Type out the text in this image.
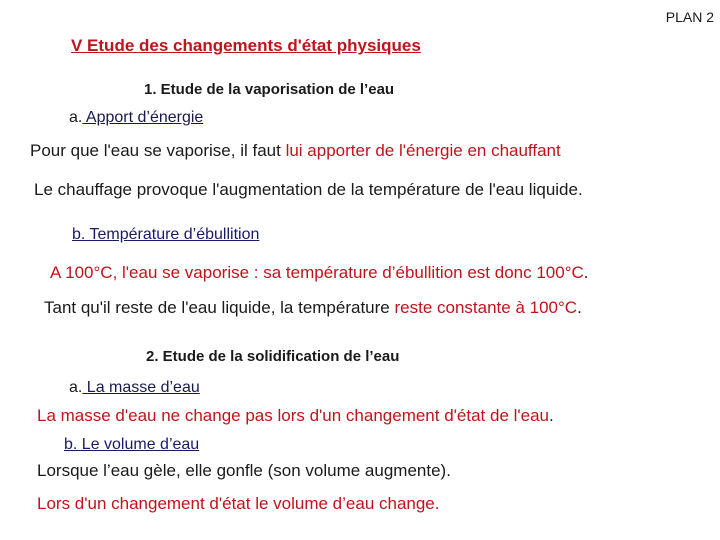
PLAN 2
V Etude des changements d'état physiques
1. Etude de la vaporisation de l’eau
a. Apport d’énergie
Pour que l'eau se vaporise, il faut lui apporter de l'énergie en chauffant
Le chauffage provoque l'augmentation de la température de l'eau liquide.
b. Température d’ébullition
A 100°C, l'eau se vaporise : sa température d’ébullition est donc 100°C.
Tant qu'il reste de l'eau liquide, la température reste constante à 100°C.
2. Etude de la solidification de l’eau
a. La masse d’eau
La masse d'eau ne change pas lors d'un changement d'état de l'eau.
b. Le volume d’eau
Lorsque l’eau gèle, elle gonfle (son volume augmente).
Lors d'un changement d'état le volume d’eau change.
